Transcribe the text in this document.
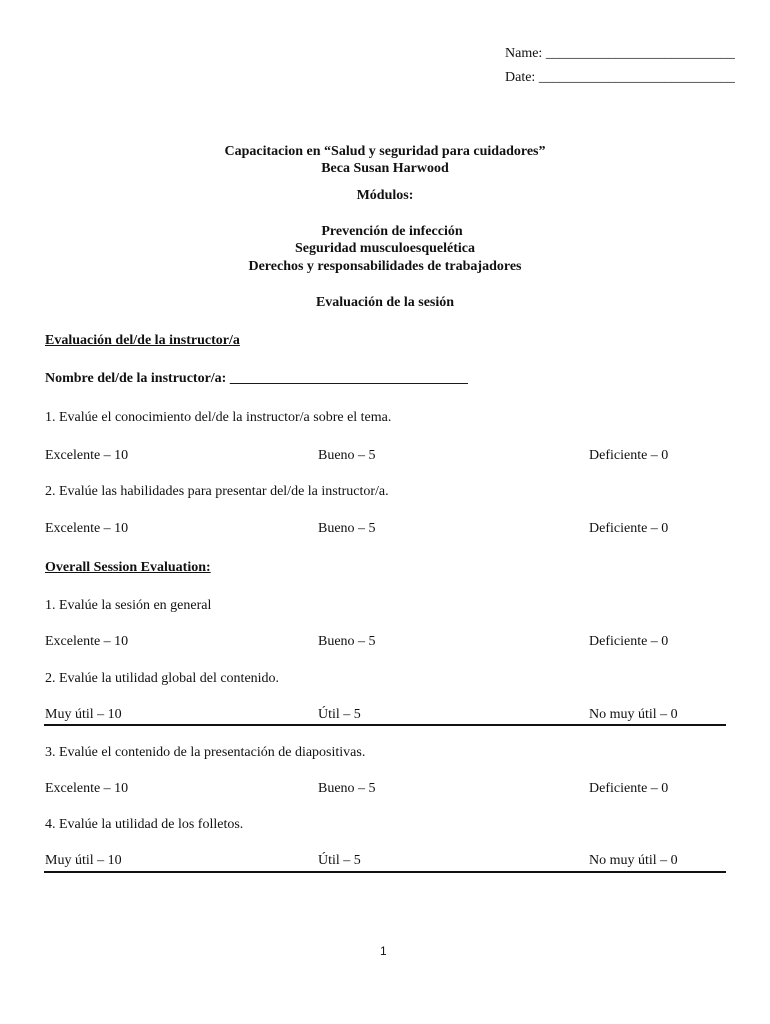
Name: ___________________________
Date: ____________________________
Capacitacion en “Salud y seguridad para cuidadores”
Beca Susan Harwood
Módulos:
Prevención de infección
Seguridad musculoesquelética
Derechos y responsabilidades de trabajadores
Evaluación de la sesión
Evaluación del/de la instructor/a
Nombre del/de la instructor/a: __________________________________
1. Evalúe el conocimiento del/de la instructor/a sobre el tema.
Excelente – 10	Bueno – 5	Deficiente – 0
2. Evalúe las habilidades para presentar del/de la instructor/a.
Excelente – 10	Bueno – 5	Deficiente – 0
Overall Session Evaluation:
1. Evalúe la sesión en general
Excelente – 10	Bueno – 5	Deficiente – 0
2. Evalúe la utilidad global del contenido.
Muy útil – 10	Útil – 5	No muy útil – 0
3. Evalúe el contenido de la presentación de diapositivas.
Excelente – 10	Bueno – 5	Deficiente – 0
4. Evalúe la utilidad de los folletos.
Muy útil – 10	Útil – 5	No muy útil – 0
1
